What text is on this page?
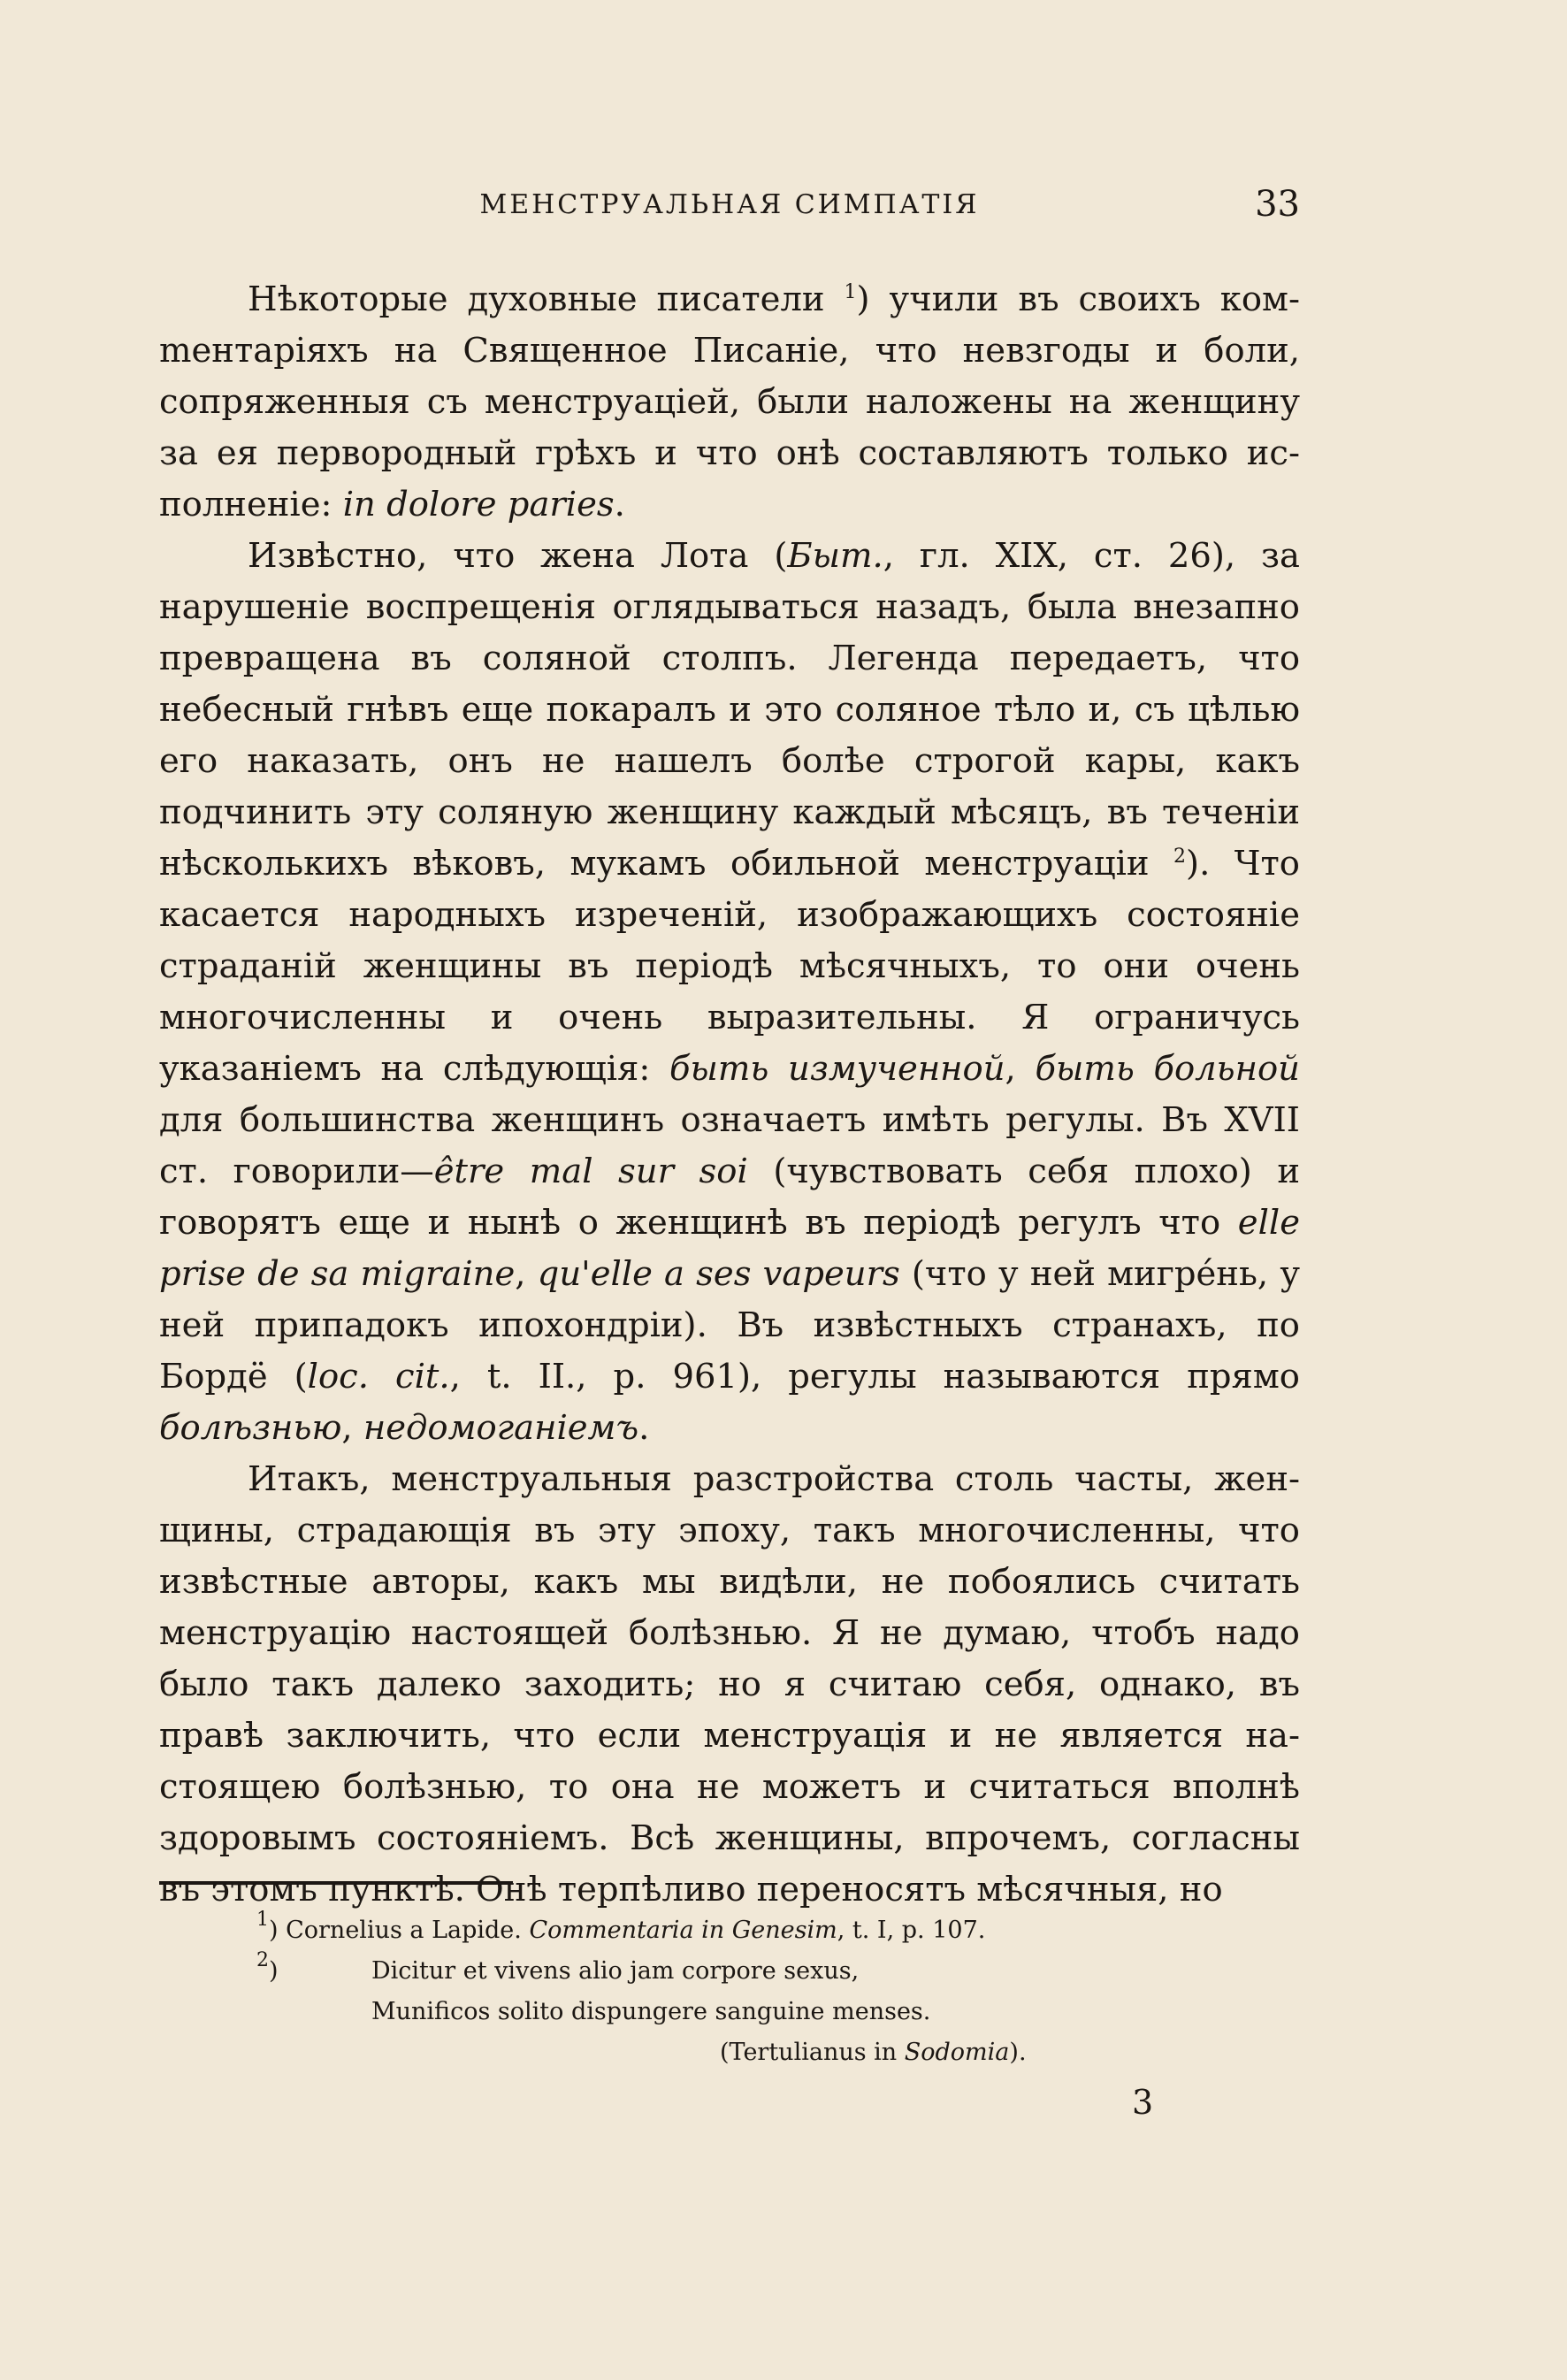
МЕНСТРУАЛЬНАЯ СИМПАТІЯ	33

Нѣкоторые духовные писатели $^1$) учили въ своихъ комmентаріяхъ на Священное Писаніе, что невзгоды и боли, сопряженныя съ менструаціей, были наложены на женщину за ея первородный грѣхъ и что онѣ составляютъ только исполненіе: in dolore paries.

Извѣстно, что жена Лота (Быт., гл. XIX, ст. 26), за нарушеніе воспрещенія оглядываться назадъ, была внезапно превращена въ соляной столпъ. Легенда передаетъ, что небесный гнѣвъ еще покаралъ и это соляное тѣло и, съ цѣлью его наказать, онъ не нашелъ болѣе строгой кары, какъ подчинить эту соляную женщину каждый мѣсяцъ, въ теченіи нѣсколькихъ вѣковъ, мукамъ обильной менструаціи $^2$). Что касается народныхъ изреченій, изображающихъ состояніе страданій женщины въ періодѣ мѣсячныхъ, то они очень многочисленны и очень выразительны. Я ограничусь указаніемъ на слѣдующія: быть измученной, быть больной для большинства женщинъ означаетъ имѣть регулы. Въ XVII ст. говорили—être mal sur soi (чувствовать себя плохо) и говорятъ еще и нынѣ о женщинѣ въ періодѣ регулъ что elle prise de sa migraine, qu'elle a ses vapeurs (что у ней мигрéнь, у ней припадокъ ипохондріи). Въ извѣстныхъ странахъ, по Бордё (loc. cit., t. II., p. 961), регулы называются прямо болѣзнью, недомоганіемъ.

Итакъ, менструальныя разстройства столь часты, женщины, страдающія въ эту эпоху, такъ многочисленны, что извѣстные авторы, какъ мы видѣли, не побоялись считать менструацію настоящей болѣзнью. Я не думаю, чтобъ надо было такъ далеко заходить; но я считаю себя, однако, въ правѣ заключить, что если менструація и не является настоящею болѣзнью, то она не можетъ и считаться вполнѣ здоровымъ состояніемъ. Всѣ женщины, впрочемъ, согласны въ этомъ пунктѣ. Онѣ терпѣливо переносятъ мѣсячныя, но

$^1$) Cornelius a Lapide. Commentaria in Genesim, t. I, p. 107.
$^2$)	Dicitur et vivens alio jam corpore sexus,
Munificos solito dispungere sanguine menses.
(Tertulianus in Sodomia).
3
